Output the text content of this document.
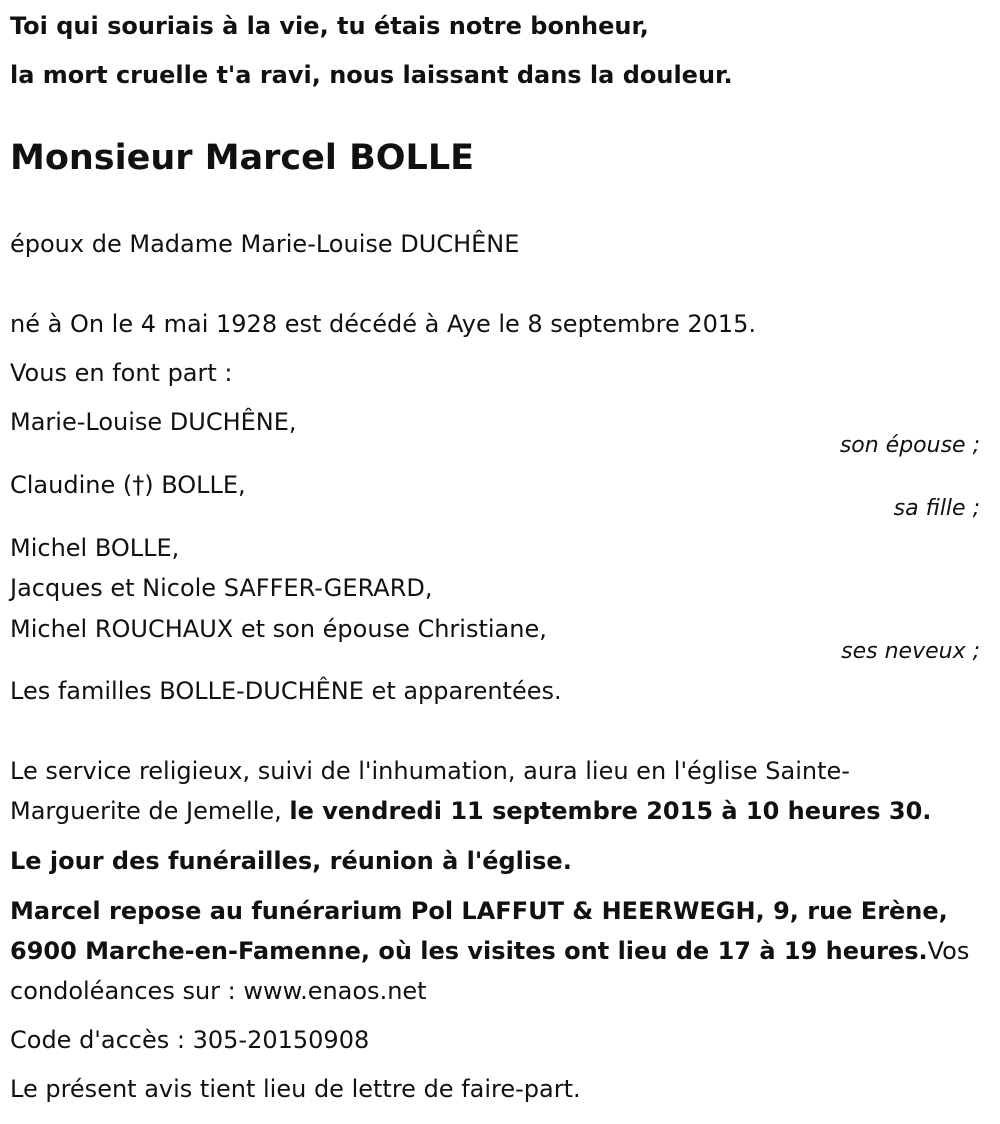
Toi qui souriais à la vie, tu étais notre bonheur,
la mort cruelle t'a ravi, nous laissant dans la douleur.
Monsieur Marcel BOLLE
époux de Madame Marie-Louise DUCHÊNE
né à On le 4 mai 1928 est décédé à Aye le 8 septembre 2015.
Vous en font part :
Marie-Louise DUCHÊNE,
son épouse ;
Claudine (†) BOLLE,
sa fille ;
Michel BOLLE,
Jacques et Nicole SAFFER-GERARD,
Michel ROUCHAUX et son épouse Christiane,
ses neveux ;
Les familles BOLLE-DUCHÊNE et apparentées.
Le service religieux, suivi de l'inhumation, aura lieu en l'église Sainte-
Marguerite de Jemelle, le vendredi 11 septembre 2015 à 10 heures 30.
Le jour des funérailles, réunion à l'église.
Marcel repose au funérarium Pol LAFFUT & HEERWEGH, 9, rue Erène,
6900 Marche-en-Famenne, où les visites ont lieu de 17 à 19 heures.Vos
condoléances sur : www.enaos.net
Code d'accès : 305-20150908
Le présent avis tient lieu de lettre de faire-part.
